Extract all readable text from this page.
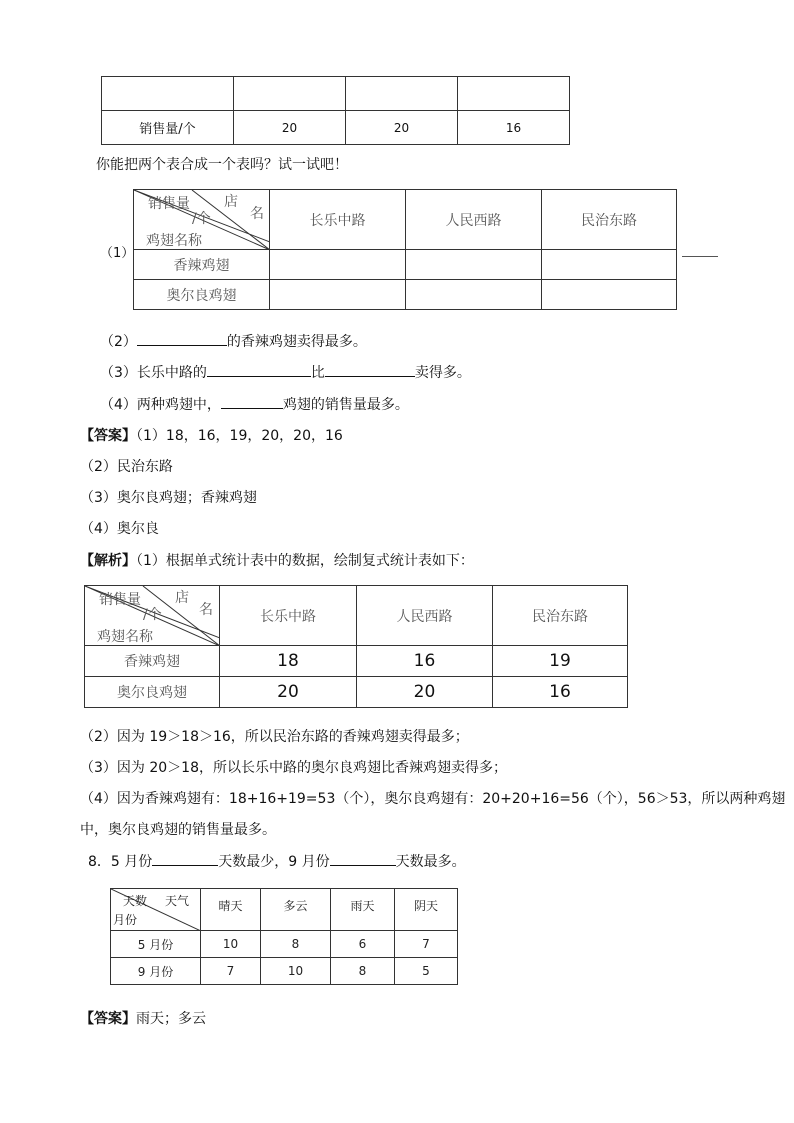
销售量/个	20	20	16
你能把两个表合成一个表吗？试一试吧！
（1）
店
名
销售量
/个
鸡翅名称	长乐中路	人民西路	民治东路
香辣鸡翅			
奥尔良鸡翅			
（2）	的香辣鸡翅卖得最多。
（3）长乐中路的	比	卖得多。
（4）两种鸡翅中，	鸡翅的销售量最多。
【答案】（1）18，16，19，20，20，16
（2）民治东路
（3）奥尔良鸡翅；香辣鸡翅
（4）奥尔良
【解析】（1）根据单式统计表中的数据，绘制复式统计表如下：
店
名
销售量
/个
鸡翅名称	长乐中路	人民西路	民治东路
香辣鸡翅	18	16	19
奥尔良鸡翅	20	20	16
（2）因为 19＞18＞16，所以民治东路的香辣鸡翅卖得最多；
（3）因为 20＞18，所以长乐中路的奥尔良鸡翅比香辣鸡翅卖得多；
（4）因为香辣鸡翅有：18+16+19=53（个），奥尔良鸡翅有：20+20+16=56（个），56＞53，所以两种鸡翅
中，奥尔良鸡翅的销售量最多。
8．5 月份	天数最少，9 月份	天数最多。
天数 天气
月份	晴天	多云	雨天	阴天
5 月份	10	8	6	7
9 月份	7	10	8	5
【答案】雨天；多云
